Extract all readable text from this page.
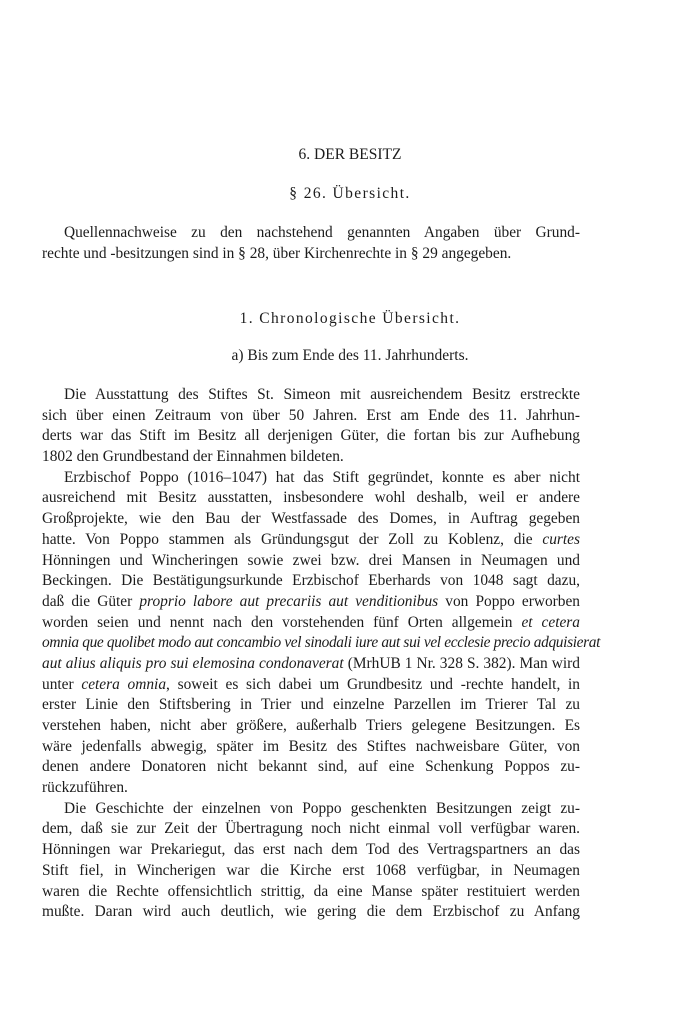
6. DER BESITZ
§ 26. Übersicht.

Quellennachweise zu den nachstehend genannten Angaben über Grund-
rechte und -besitzungen sind in § 28, über Kirchenrechte in § 29 angegeben.

1. Chronologische Übersicht.
a) Bis zum Ende des 11. Jahrhunderts.

Die Ausstattung des Stiftes St. Simeon mit ausreichendem Besitz erstreckte
sich über einen Zeitraum von über 50 Jahren. Erst am Ende des 11. Jahrhun-
derts war das Stift im Besitz all derjenigen Güter, die fortan bis zur Aufhebung
1802 den Grundbestand der Einnahmen bildeten.

Erzbischof Poppo (1016–1047) hat das Stift gegründet, konnte es aber nicht
ausreichend mit Besitz ausstatten, insbesondere wohl deshalb, weil er andere
Großprojekte, wie den Bau der Westfassade des Domes, in Auftrag gegeben
hatte. Von Poppo stammen als Gründungsgut der Zoll zu Koblenz, die curtes
Hönningen und Wincheringen sowie zwei bzw. drei Mansen in Neumagen und
Beckingen. Die Bestätigungsurkunde Erzbischof Eberhards von 1048 sagt dazu,
daß die Güter proprio labore aut precariis aut venditionibus von Poppo erworben
worden seien und nennt nach den vorstehenden fünf Orten allgemein et cetera
omnia que quolibet modo aut concambio vel sinodali iure aut sui vel ecclesie precio adquisierat
aut alius aliquis pro sui elemosina condonaverat (MrhUB 1 Nr. 328 S. 382). Man wird
unter cetera omnia, soweit es sich dabei um Grundbesitz und -rechte handelt, in
erster Linie den Stiftsbering in Trier und einzelne Parzellen im Trierer Tal zu
verstehen haben, nicht aber größere, außerhalb Triers gelegene Besitzungen. Es
wäre jedenfalls abwegig, später im Besitz des Stiftes nachweisbare Güter, von
denen andere Donatoren nicht bekannt sind, auf eine Schenkung Poppos zu-
rückzuführen.

Die Geschichte der einzelnen von Poppo geschenkten Besitzungen zeigt zu-
dem, daß sie zur Zeit der Übertragung noch nicht einmal voll verfügbar waren.
Hönningen war Prekariegut, das erst nach dem Tod des Vertragspartners an das
Stift fiel, in Wincherigen war die Kirche erst 1068 verfügbar, in Neumagen
waren die Rechte offensichtlich strittig, da eine Manse später restituiert werden
mußte. Daran wird auch deutlich, wie gering die dem Erzbischof zu Anfang
